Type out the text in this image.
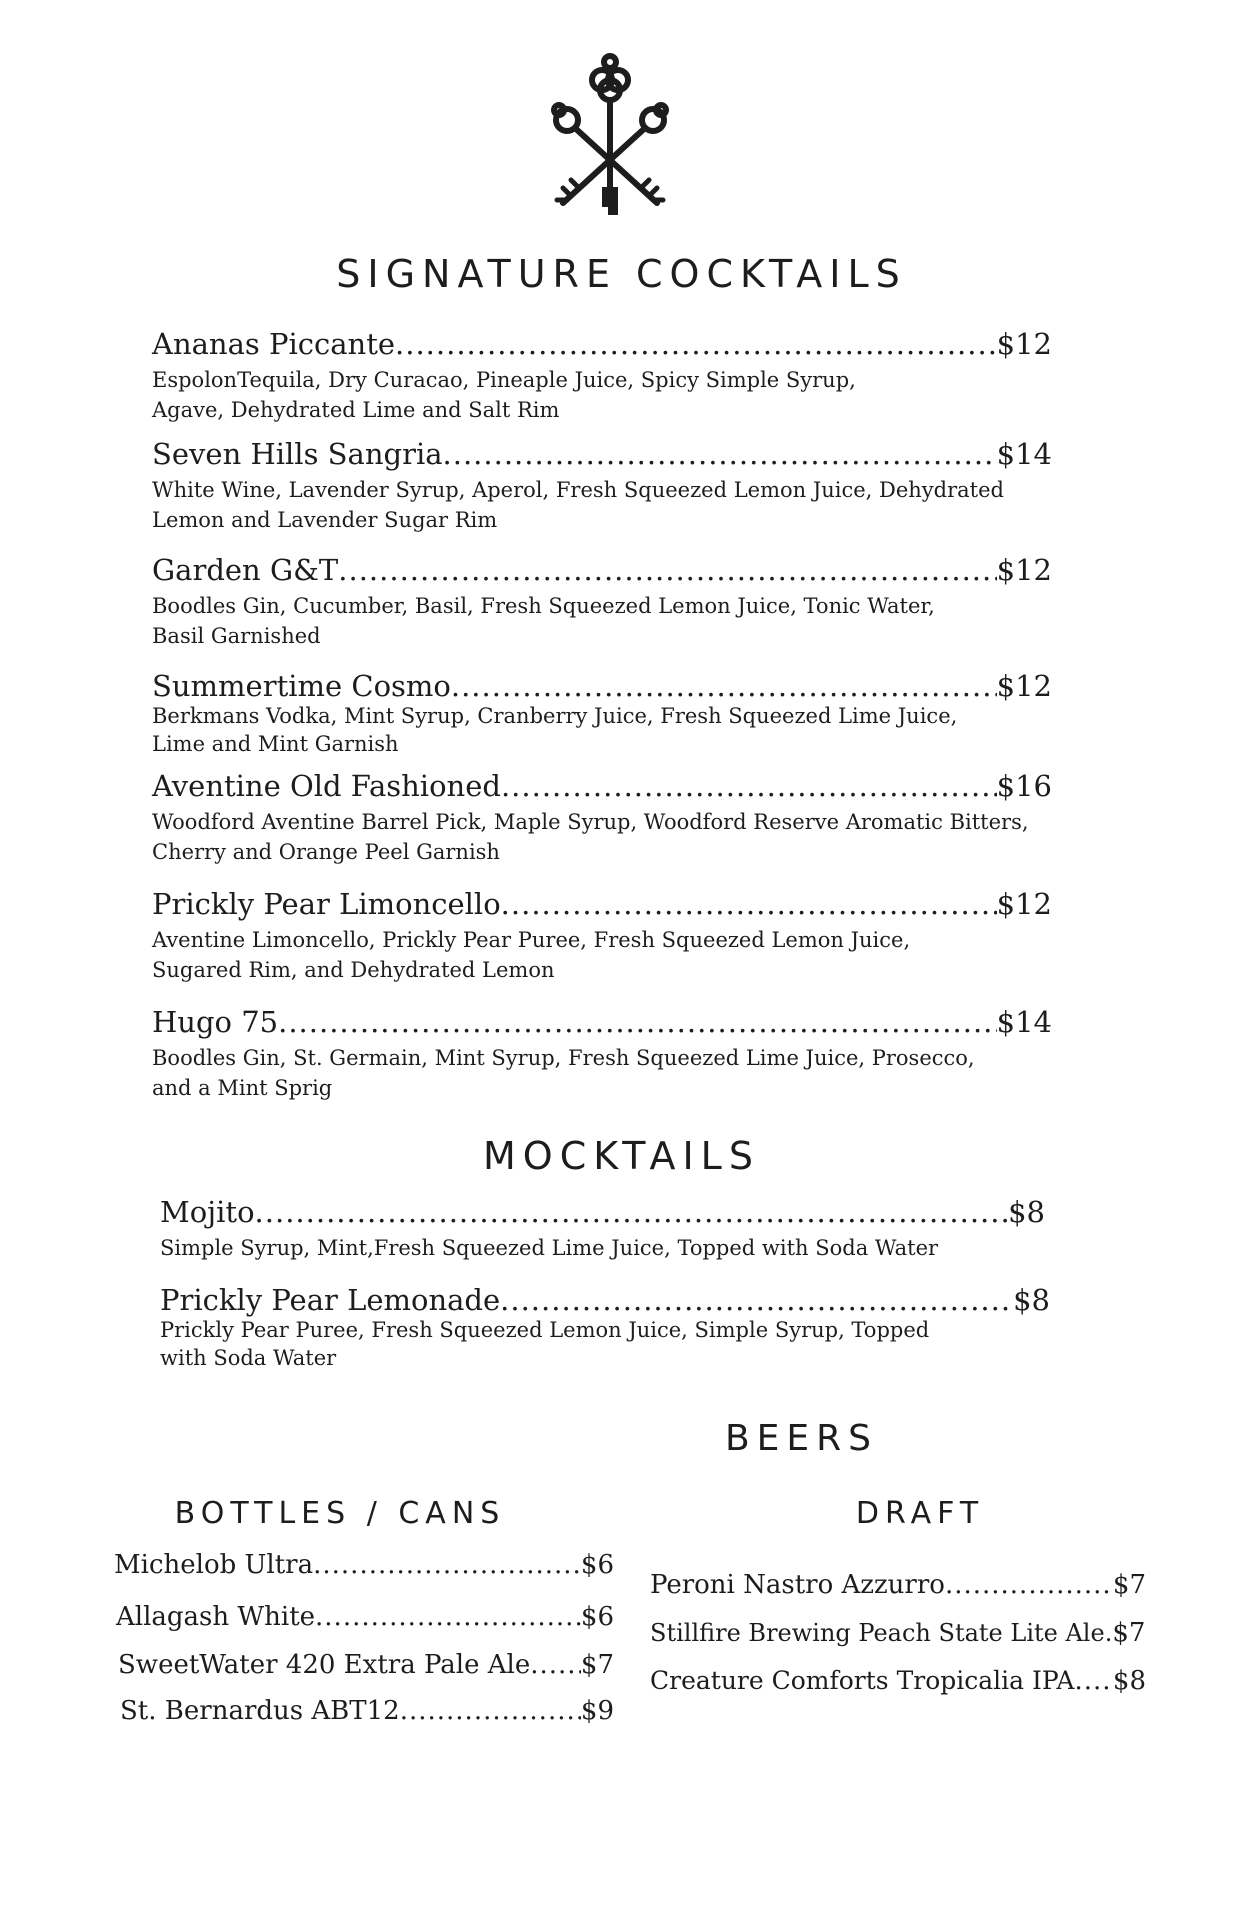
SIGNATURE COCKTAILS
Ananas Piccante .....	$12
EspolonTequila, Dry Curacao, Pineaple Juice, Spicy Simple Syrup, Agave, Dehydrated Lime and Salt Rim
Seven Hills Sangria .....	$14
White Wine, Lavender Syrup, Aperol, Fresh Squeezed Lemon Juice, Dehydrated Lemon and Lavender Sugar Rim
Garden G&T .....	$12
Boodles Gin, Cucumber, Basil, Fresh Squeezed Lemon Juice, Tonic Water, Basil Garnished
Summertime Cosmo .....	$12
Berkmans Vodka, Mint Syrup, Cranberry Juice, Fresh Squeezed Lime Juice, Lime and Mint Garnish
Aventine Old Fashioned .....	$16
Woodford Aventine Barrel Pick, Maple Syrup, Woodford Reserve Aromatic Bitters, Cherry and Orange Peel Garnish
Prickly Pear Limoncello .....	$12
Aventine Limoncello, Prickly Pear Puree, Fresh Squeezed Lemon Juice, Sugared Rim, and Dehydrated Lemon
Hugo 75 .....	$14
Boodles Gin, St. Germain, Mint Syrup, Fresh Squeezed Lime Juice, Prosecco, and a Mint Sprig
MOCKTAILS
Mojito .....	$8
Simple Syrup, Mint,Fresh Squeezed Lime Juice, Topped with Soda Water
Prickly Pear Lemonade .....	$8
Prickly Pear Puree, Fresh Squeezed Lemon Juice, Simple Syrup, Topped with Soda Water
BEERS
BOTTLES / CANS	DRAFT
Michelob Ultra .....	$6
Allagash White .....	$6
SweetWater 420 Extra Pale Ale ..... $7
St. Bernardus ABT12 .....	$9
Peroni Nastro Azzurro .....	$7
Stillfire Brewing Peach State Lite Ale. $7
Creature Comforts Tropicalia IPA ..... $8
